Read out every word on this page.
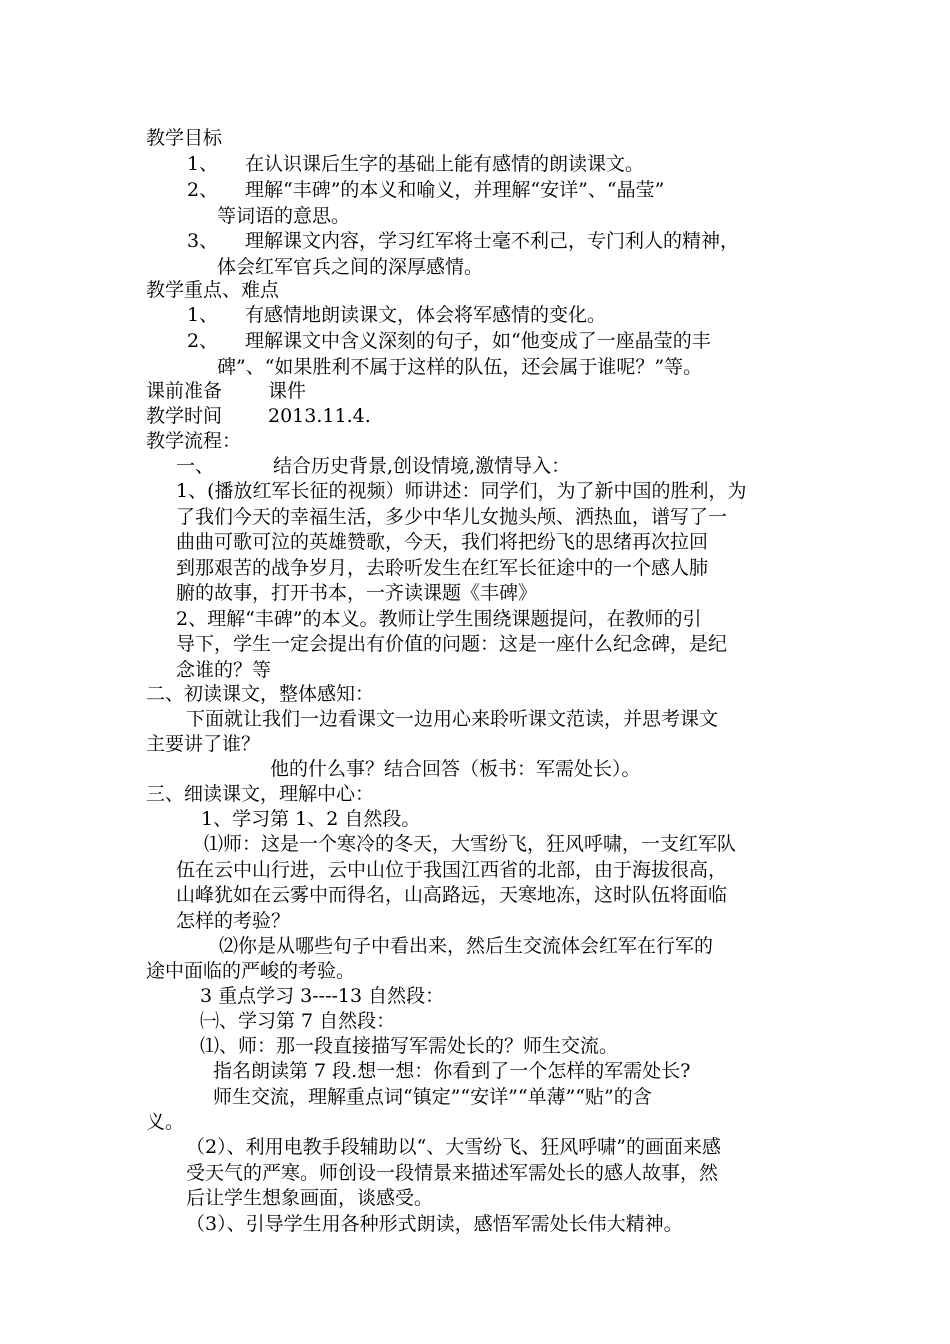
教学目标
1、 在认识课后生字的基础上能有感情的朗读课文。
2、 理解“丰碑”的本义和喻义，并理解“安详”、“晶莹”
等词语的意思。
3、 理解课文内容，学习红军将士毫不利己，专门利人的精神，
体会红军官兵之间的深厚感情。
教学重点、难点
1、 有感情地朗读课文，体会将军感情的变化。
2、 理解课文中含义深刻的句子，如“他变成了一座晶莹的丰
碑”、“如果胜利不属于这样的队伍，还会属于谁呢？”等。
课前准备 课件
教学时间 2013.11.4.
教学流程：
一、	结合历史背景,创设情境,激情导入：
1、(播放红军长征的视频）师讲述：同学们，为了新中国的胜利，为
了我们今天的幸福生活，多少中华儿女抛头颅、洒热血，谱写了一
曲曲可歌可泣的英雄赞歌，今天，我们将把纷飞的思绪再次拉回
到那艰苦的战争岁月，去聆听发生在红军长征途中的一个感人肺
腑的故事，打开书本，一齐读课题《丰碑》
2、理解“丰碑”的本义。教师让学生围绕课题提问，在教师的引
导下，学生一定会提出有价值的问题：这是一座什么纪念碑，是纪
念谁的？等
二、初读课文，整体感知：
下面就让我们一边看课文一边用心来聆听课文范读，并思考课文
主要讲了谁？
他的什么事？结合回答（板书：军需处长）。
三、细读课文，理解中心：
1、学习第 1、2 自然段。
⑴师：这是一个寒冷的冬天，大雪纷飞，狂风呼啸，一支红军队
伍在云中山行进，云中山位于我国江西省的北部，由于海拔很高，
山峰犹如在云雾中而得名，山高路远，天寒地冻，这时队伍将面临
怎样的考验？
⑵你是从哪些句子中看出来，然后生交流体会红军在行军的
途中面临的严峻的考验。
3 重点学习 3----13 自然段：
㈠、学习第 7 自然段：
⑴、师：那一段直接描写军需处长的？师生交流。
指名朗读第 7 段.想一想：你看到了一个怎样的军需处长?
师生交流，理解重点词“镇定”“安详”“单薄”“贴”的含
义。
（2）、利用电教手段辅助以“、大雪纷飞、狂风呼啸”的画面来感
受天气的严寒。师创设一段情景来描述军需处长的感人故事，然
后让学生想象画面，谈感受。
（3）、引导学生用各种形式朗读，感悟军需处长伟大精神。
